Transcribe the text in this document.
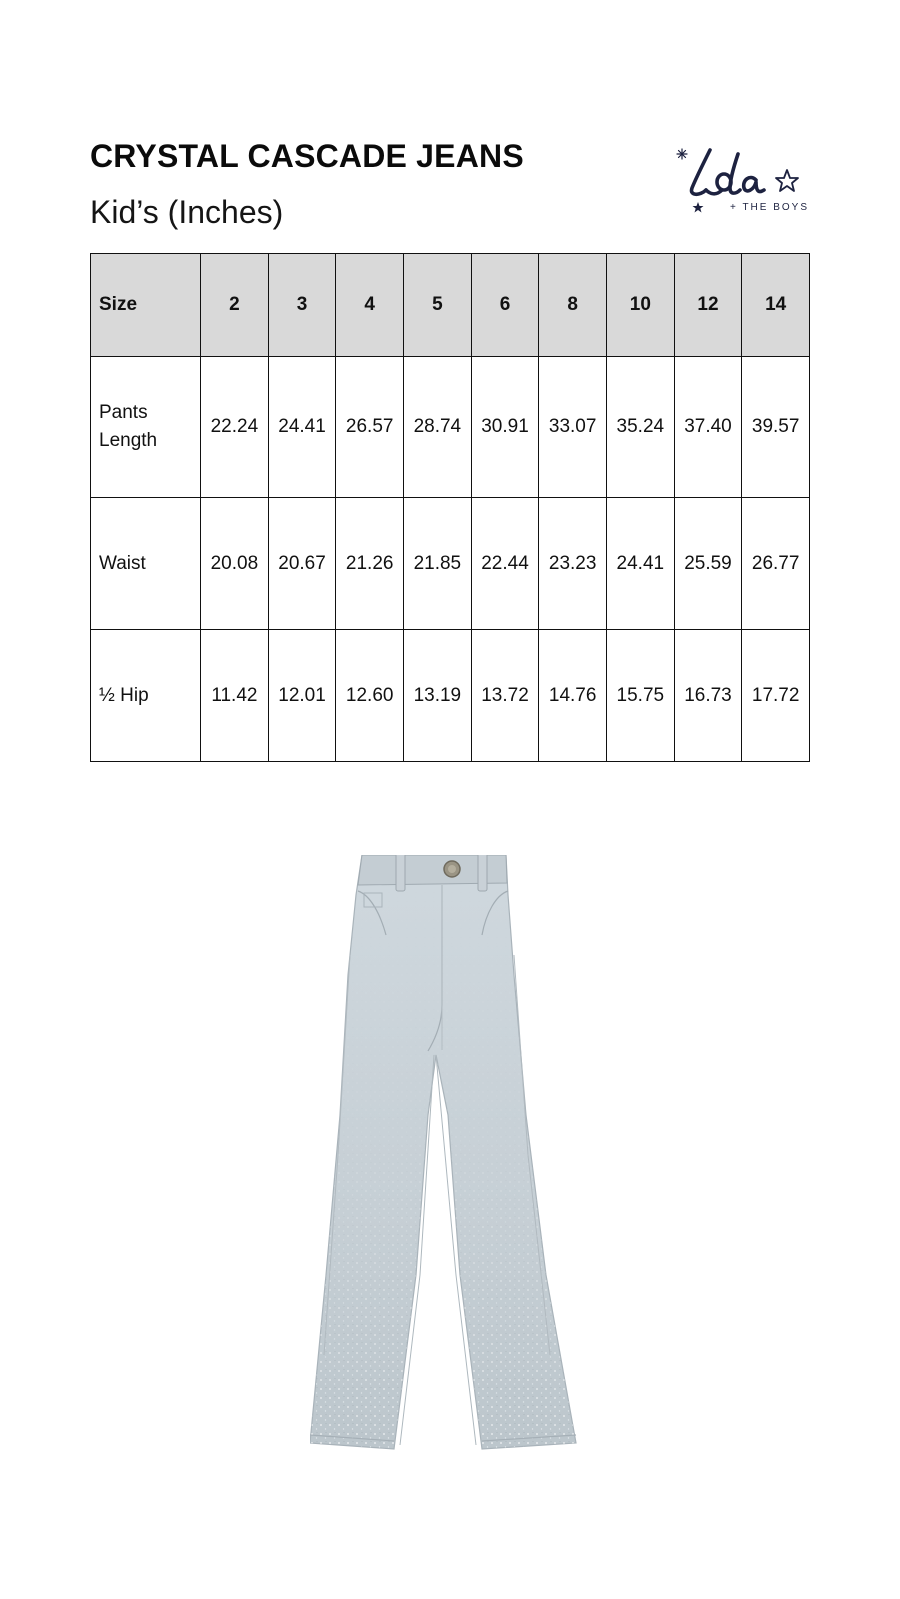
CRYSTAL CASCADE JEANS
Kid’s (Inches)	+ THE BOYS
Size	2	3	4	5	6	8	10	12	14
Pants Length	22.24	24.41	26.57	28.74	30.91	33.07	35.24	37.40	39.57
Waist	20.08	20.67	21.26	21.85	22.44	23.23	24.41	25.59	26.77
½ Hip	11.42	12.01	12.60	13.19	13.72	14.76	15.75	16.73	17.72
